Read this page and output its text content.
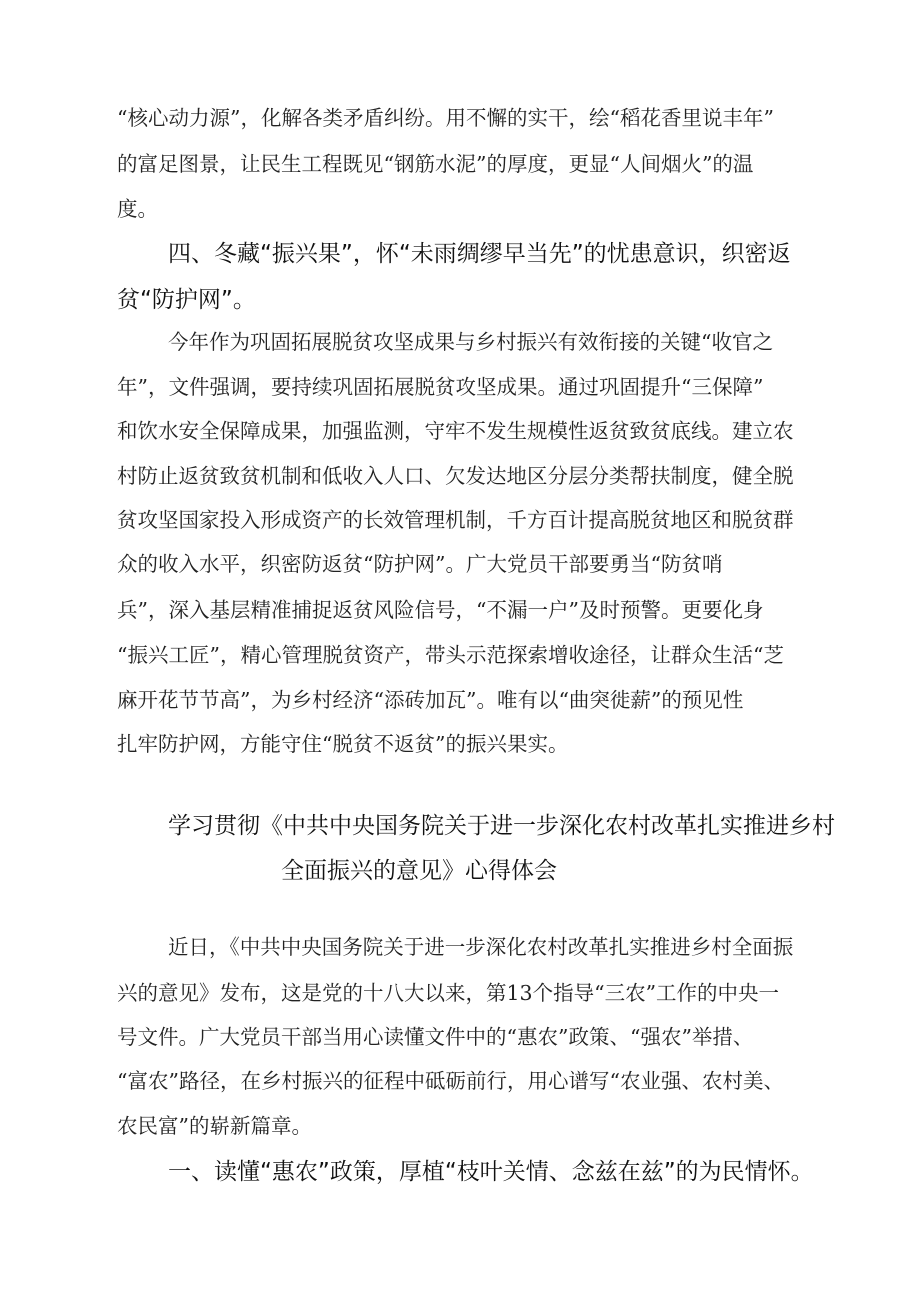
“核心动力源”，化解各类矛盾纠纷。用不懈的实干，绘“稻花香里说丰年”
的富足图景，让民生工程既见“钢筋水泥”的厚度，更显“人间烟火”的温
度。
四、冬藏“振兴果”，怀“未雨绸缪早当先”的忧患意识，织密返
贫“防护网”。
今年作为巩固拓展脱贫攻坚成果与乡村振兴有效衔接的关键“收官之
年”，文件强调，要持续巩固拓展脱贫攻坚成果。通过巩固提升“三保障”
和饮水安全保障成果，加强监测，守牢不发生规模性返贫致贫底线。建立农
村防止返贫致贫机制和低收入人口、欠发达地区分层分类帮扶制度，健全脱
贫攻坚国家投入形成资产的长效管理机制，千方百计提高脱贫地区和脱贫群
众的收入水平，织密防返贫“防护网”。广大党员干部要勇当“防贫哨
兵”，深入基层精准捕捉返贫风险信号，“不漏一户”及时预警。更要化身
“振兴工匠”，精心管理脱贫资产，带头示范探索增收途径，让群众生活“芝
麻开花节节高”，为乡村经济“添砖加瓦”。唯有以“曲突徙薪”的预见性
扎牢防护网，方能守住“脱贫不返贫”的振兴果实。
学习贯彻《中共中央国务院关于进一步深化农村改革扎实推进乡村
全面振兴的意见》心得体会
近日，《中共中央国务院关于进一步深化农村改革扎实推进乡村全面振
兴的意见》发布，这是党的十八大以来，第13个指导“三农”工作的中央一
号文件。广大党员干部当用心读懂文件中的“惠农”政策、“强农”举措、
“富农”路径，在乡村振兴的征程中砥砺前行，用心谱写“农业强、农村美、
农民富”的崭新篇章。
一、读懂“惠农”政策，厚植“枝叶关情、念兹在兹”的为民情怀。
